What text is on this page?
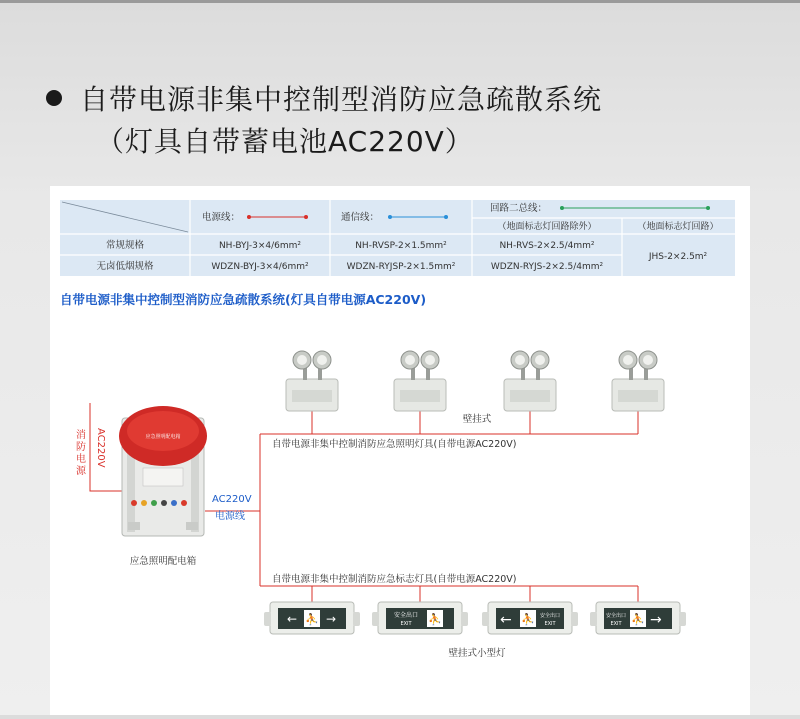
自带电源非集中控制型消防应急疏散系统
（灯具自带蓄电池AC220V）
电源线：	通信线：
回路二总线：
（地面标志灯回路除外）	（地面标志灯回路）
常规规格	NH-BYJ-3×4/6mm²	NH-RVSP-2×1.5mm²	NH-RVS-2×2.5/4mm²
无卤低烟规格	WDZN-BYJ-3×4/6mm²	WDZN-RYJSP-2×1.5mm²	WDZN-RYJS-2×2.5/4mm²
JHS-2×2.5m²
自带电源非集中控制型消防应急疏散系统(灯具自带电源AC220V)
消防电源
AC220V	应急照明配电箱
应急照明配电箱
AC220V
电源线
壁挂式
自带电源非集中控制消防应急照明灯具(自带电源AC220V)
自带电源非集中控制消防应急标志灯具(自带电源AC220V)
← ⛹ →	安全出口
EXIT ⛹	← ⛹ 安全出口
EXIT
安全出口
EXIT ⛹ →
壁挂式小型灯
